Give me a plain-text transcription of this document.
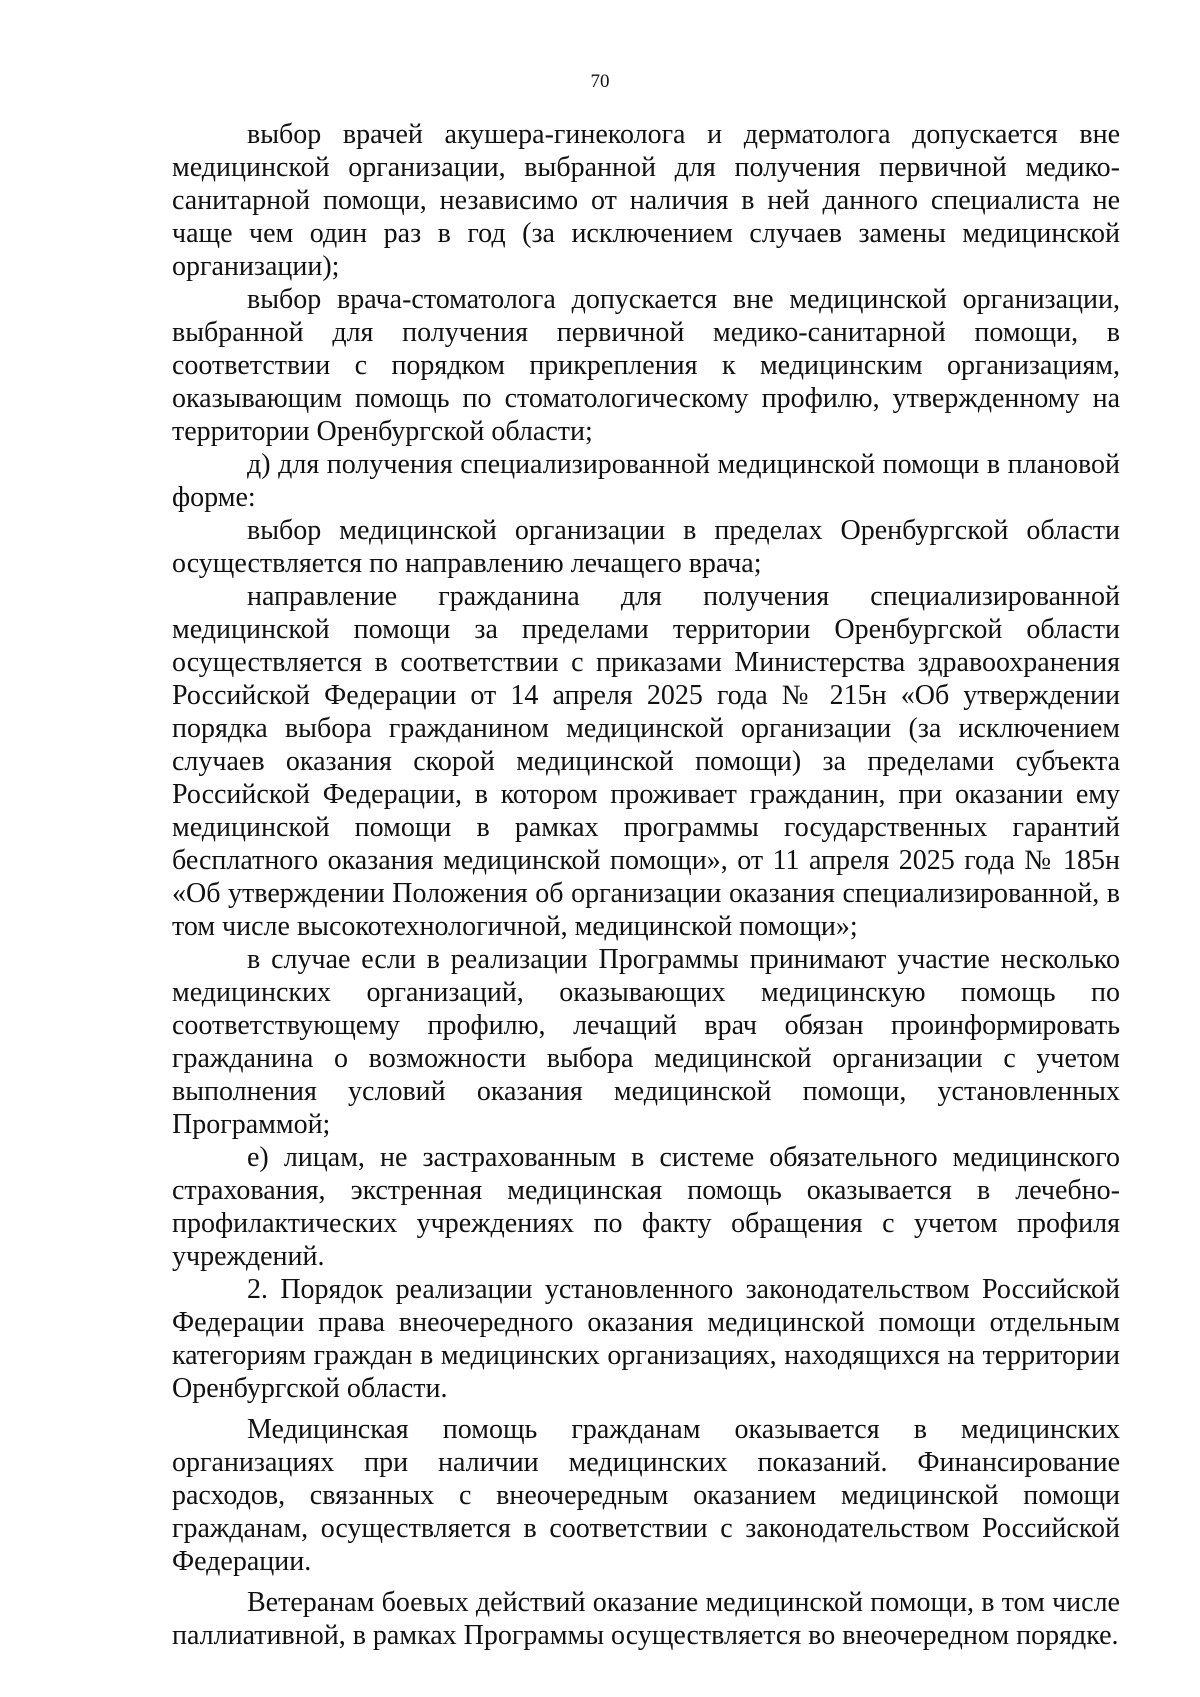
70

выбор врачей акушера-гинеколога и дерматолога допускается вне медицинской организации, выбранной для получения первичной медико-санитарной помощи, независимо от наличия в ней данного специалиста не чаще чем один раз в год (за исключением случаев замены медицинской организации);

выбор врача-стоматолога допускается вне медицинской организации, выбранной для получения первичной медико-санитарной помощи, в соответствии с порядком прикрепления к медицинским организациям, оказывающим помощь по стоматологическому профилю, утвержденному на территории Оренбургской области;

д) для получения специализированной медицинской помощи в плановой форме:

выбор медицинской организации в пределах Оренбургской области осуществляется по направлению лечащего врача;

направление гражданина для получения специализированной медицинской помощи за пределами территории Оренбургской области осуществляется в соответствии с приказами Министерства здравоохранения Российской Федерации от 14 апреля 2025 года № 215н «Об утверждении порядка выбора гражданином медицинской организации (за исключением случаев оказания скорой медицинской помощи) за пределами субъекта Российской Федерации, в котором проживает гражданин, при оказании ему медицинской помощи в рамках программы государственных гарантий бесплатного оказания медицинской помощи», от 11 апреля 2025 года № 185н «Об утверждении Положения об организации оказания специализированной, в том числе высокотехнологичной, медицинской помощи»;

в случае если в реализации Программы принимают участие несколько медицинских организаций, оказывающих медицинскую помощь по соответствующему профилю, лечащий врач обязан проинформировать гражданина о возможности выбора медицинской организации с учетом выполнения условий оказания медицинской помощи, установленных Программой;

е) лицам, не застрахованным в системе обязательного медицинского страхования, экстренная медицинская помощь оказывается в лечебно-профилактических учреждениях по факту обращения с учетом профиля учреждений.

2. Порядок реализации установленного законодательством Российской Федерации права внеочередного оказания медицинской помощи отдельным категориям граждан в медицинских организациях, находящихся на территории Оренбургской области.

Медицинская помощь гражданам оказывается в медицинских организациях при наличии медицинских показаний. Финансирование расходов, связанных с внеочередным оказанием медицинской помощи гражданам, осуществляется в соответствии с законодательством Российской Федерации.

Ветеранам боевых действий оказание медицинской помощи, в том числе паллиативной, в рамках Программы осуществляется во внеочередном порядке.
